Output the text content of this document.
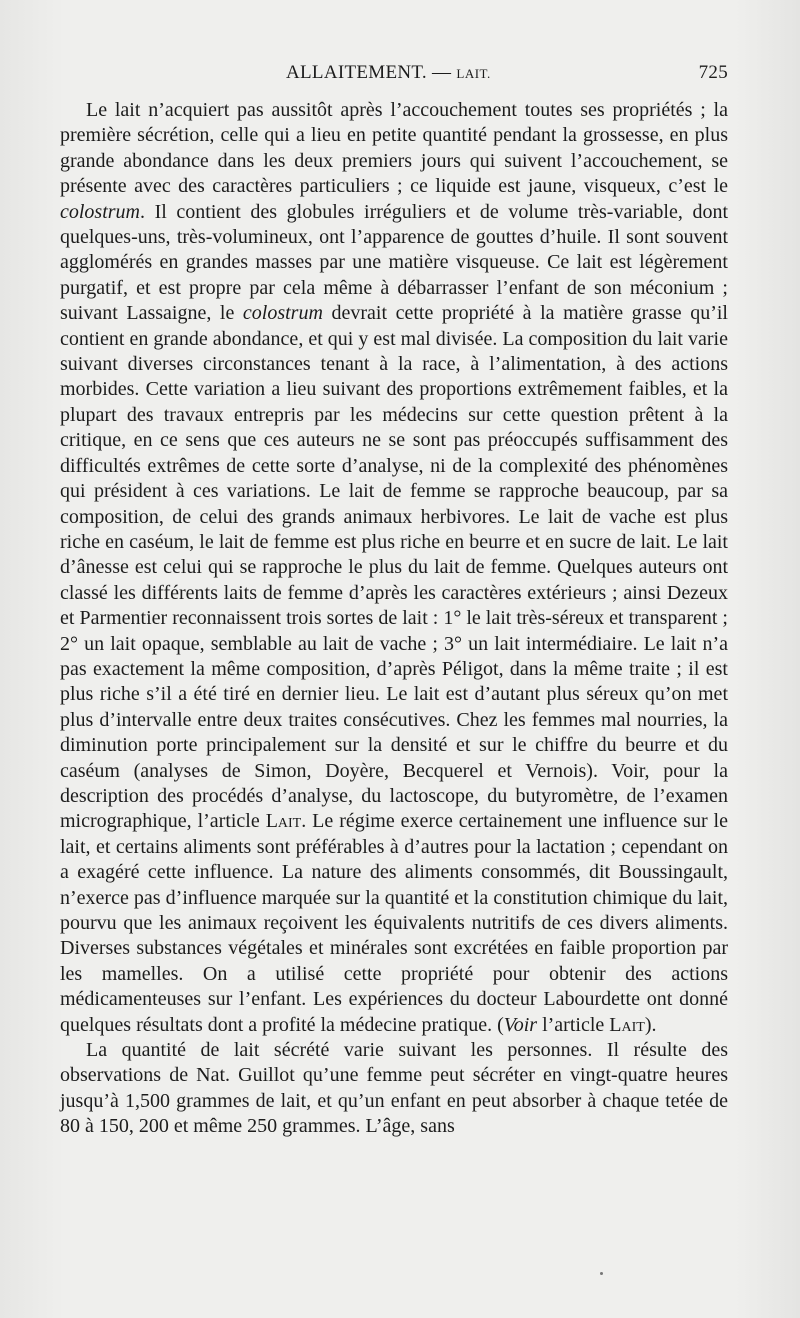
ALLAITEMENT. — LAIT.	725

Le lait n’acquiert pas aussitôt après l’accouchement toutes ses propriétés ; la première sécrétion, celle qui a lieu en petite quantité pendant la grossesse, en plus grande abondance dans les deux premiers jours qui suivent l’accouchement, se présente avec des caractères particuliers ; ce liquide est jaune, visqueux, c’est le colostrum. Il contient des globules irréguliers et de volume très-variable, dont quelques-uns, très-volumineux, ont l’apparence de gouttes d’huile. Il sont souvent agglomérés en grandes masses par une matière visqueuse. Ce lait est légèrement purgatif, et est propre par cela même à débarrasser l’enfant de son méconium ; suivant Lassaigne, le colostrum devrait cette propriété à la matière grasse qu’il contient en grande abondance, et qui y est mal divisée. La composition du lait varie suivant diverses circonstances tenant à la race, à l’alimentation, à des actions morbides. Cette variation a lieu suivant des proportions extrêmement faibles, et la plupart des travaux entrepris par les médecins sur cette question prêtent à la critique, en ce sens que ces auteurs ne se sont pas préoccupés suffisamment des difficultés extrêmes de cette sorte d’analyse, ni de la complexité des phénomènes qui président à ces variations. Le lait de femme se rapproche beaucoup, par sa composition, de celui des grands animaux herbivores. Le lait de vache est plus riche en caséum, le lait de femme est plus riche en beurre et en sucre de lait. Le lait d’ânesse est celui qui se rapproche le plus du lait de femme. Quelques auteurs ont classé les différents laits de femme d’après les caractères extérieurs ; ainsi Dezeux et Parmentier reconnaissent trois sortes de lait : 1° le lait très-séreux et transparent ; 2° un lait opaque, semblable au lait de vache ; 3° un lait intermédiaire. Le lait n’a pas exactement la même composition, d’après Péligot, dans la même traite ; il est plus riche s’il a été tiré en dernier lieu. Le lait est d’autant plus séreux qu’on met plus d’intervalle entre deux traites consécutives. Chez les femmes mal nourries, la diminution porte principalement sur la densité et sur le chiffre du beurre et du caséum (analyses de Simon, Doyère, Becquerel et Vernois). Voir, pour la description des procédés d’analyse, du lactoscope, du butyromètre, de l’examen micrographique, l’article Lait. Le régime exerce certainement une influence sur le lait, et certains aliments sont préférables à d’autres pour la lactation ; cependant on a exagéré cette influence. La nature des aliments consommés, dit Boussingault, n’exerce pas d’influence marquée sur la quantité et la constitution chimique du lait, pourvu que les animaux reçoivent les équivalents nutritifs de ces divers aliments. Diverses substances végétales et minérales sont excrétées en faible proportion par les mamelles. On a utilisé cette propriété pour obtenir des actions médicamenteuses sur l’enfant. Les expériences du docteur Labourdette ont donné quelques résultats dont a profité la médecine pratique. (Voir l’article Lait).

La quantité de lait sécrété varie suivant les personnes. Il résulte des observations de Nat. Guillot qu’une femme peut sécréter en vingt-quatre heures jusqu’à 1,500 grammes de lait, et qu’un enfant en peut absorber à chaque tetée de 80 à 150, 200 et même 250 grammes. L’âge, sans
